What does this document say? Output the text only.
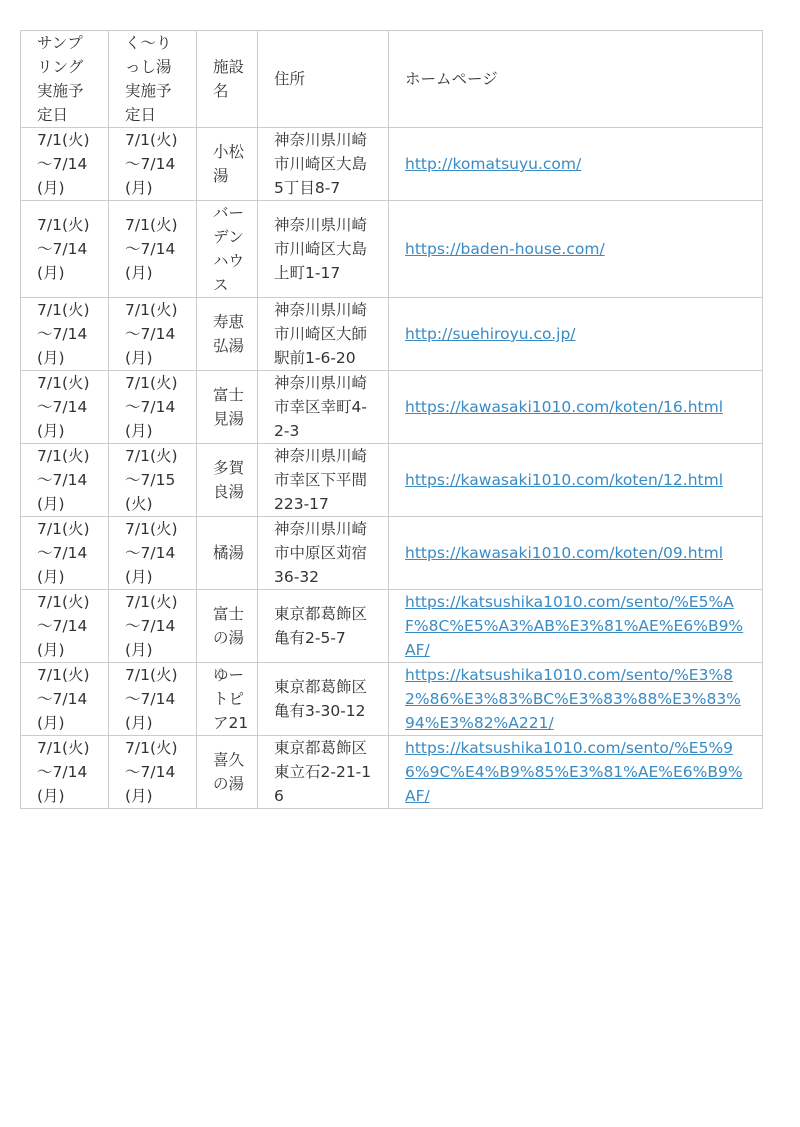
サンプリング実施予定日	く～りっし湯実施予定日	施設名	住所	ホームページ
7/1(火)～7/14(月)	7/1(火)～7/14(月)	小松湯	神奈川県川崎市川崎区大島5丁目8-7	http://komatsuyu.com/
7/1(火)～7/14(月)	7/1(火)～7/14(月)	バーデンハウス	神奈川県川崎市川崎区大島上町1-17	https://baden-house.com/
7/1(火)～7/14(月)	7/1(火)～7/14(月)	寿恵弘湯	神奈川県川崎市川崎区大師駅前1-6-20	http://suehiroyu.co.jp/
7/1(火)～7/14(月)	7/1(火)～7/14(月)	富士見湯	神奈川県川崎市幸区幸町4-2-3	https://kawasaki1010.com/koten/16.html
7/1(火)～7/14(月)	7/1(火)～7/15(火)	多賀良湯	神奈川県川崎市幸区下平間223-17	https://kawasaki1010.com/koten/12.html
7/1(火)～7/14(月)	7/1(火)～7/14(月)	橘湯	神奈川県川崎市中原区苅宿36-32	https://kawasaki1010.com/koten/09.html
7/1(火)～7/14(月)	7/1(火)～7/14(月)	富士の湯	東京都葛飾区亀有2-5-7	https://katsushika1010.com/sento/%E5%AF%8C%E5%A3%AB%E3%81%AE%E6%B9%AF/
7/1(火)～7/14(月)	7/1(火)～7/14(月)	ゆートピア21	東京都葛飾区亀有3-30-12	https://katsushika1010.com/sento/%E3%82%86%E3%83%BC%E3%83%88%E3%83%94%E3%82%A221/
7/1(火)～7/14(月)	7/1(火)～7/14(月)	喜久の湯	東京都葛飾区東立石2-21-16	https://katsushika1010.com/sento/%E5%96%9C%E4%B9%85%E3%81%AE%E6%B9%AF/
